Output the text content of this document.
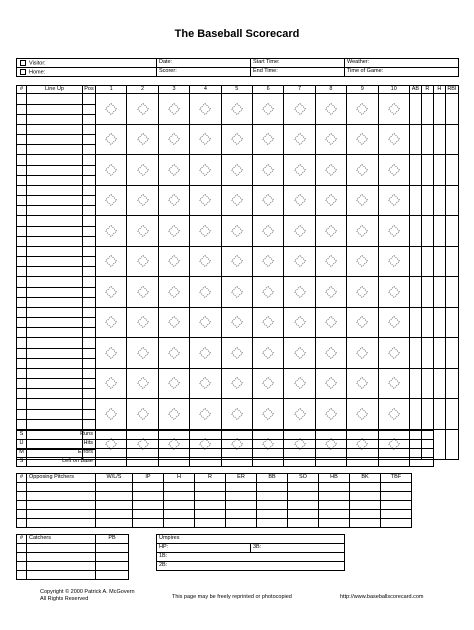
The Baseball Scorecard
Visitor:	Date:	Start Time:	Weather:
Home:	Scorer:	End Time:	Time of Game:
#	Line Up	Pos	1	2	3	4	5	6	7	8	9	10	AB	R	H	RBI

S	Runs											
U	Hits											
M	Errors											
S	Left on Base											
#	Opposing Pitchers	W/L/S	IP	H	R	ER	BB	SO	HB	BK	TBF

#	Catchers	PB

			Umpires
HP:	3B:
1B:
2B:
Copyright © 2000 Patrick A. McGovern
All Rights Reserved	This page may be freely reprinted or photocopied	http://www.baseballscorecard.com
